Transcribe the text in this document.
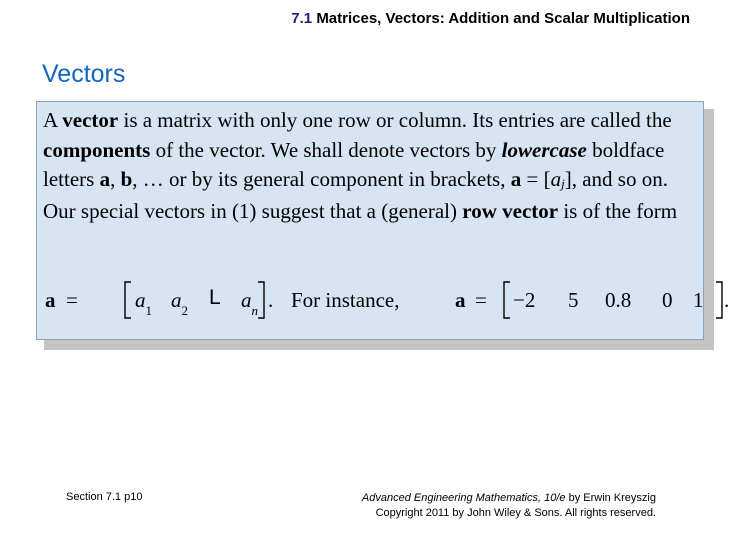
7.1 Matrices, Vectors: Addition and Scalar Multiplication
Vectors
A vector is a matrix with only one row or column. Its entries are called the components of the vector. We shall denote vectors by lowercase boldface letters a, b, … or by its general component in brackets, $a = [a_j]$, and so on. Our special vectors in (1) suggest that a (general) row vector is of the form
a =	$a_1$ $a_2$
L $a_n$ . For instance,	a = −2 5 0.8 0 1 .
Section 7.1 p10	Advanced Engineering Mathematics, 10/e by Erwin Kreyszig
Copyright 2011 by John Wiley & Sons. All rights reserved.
